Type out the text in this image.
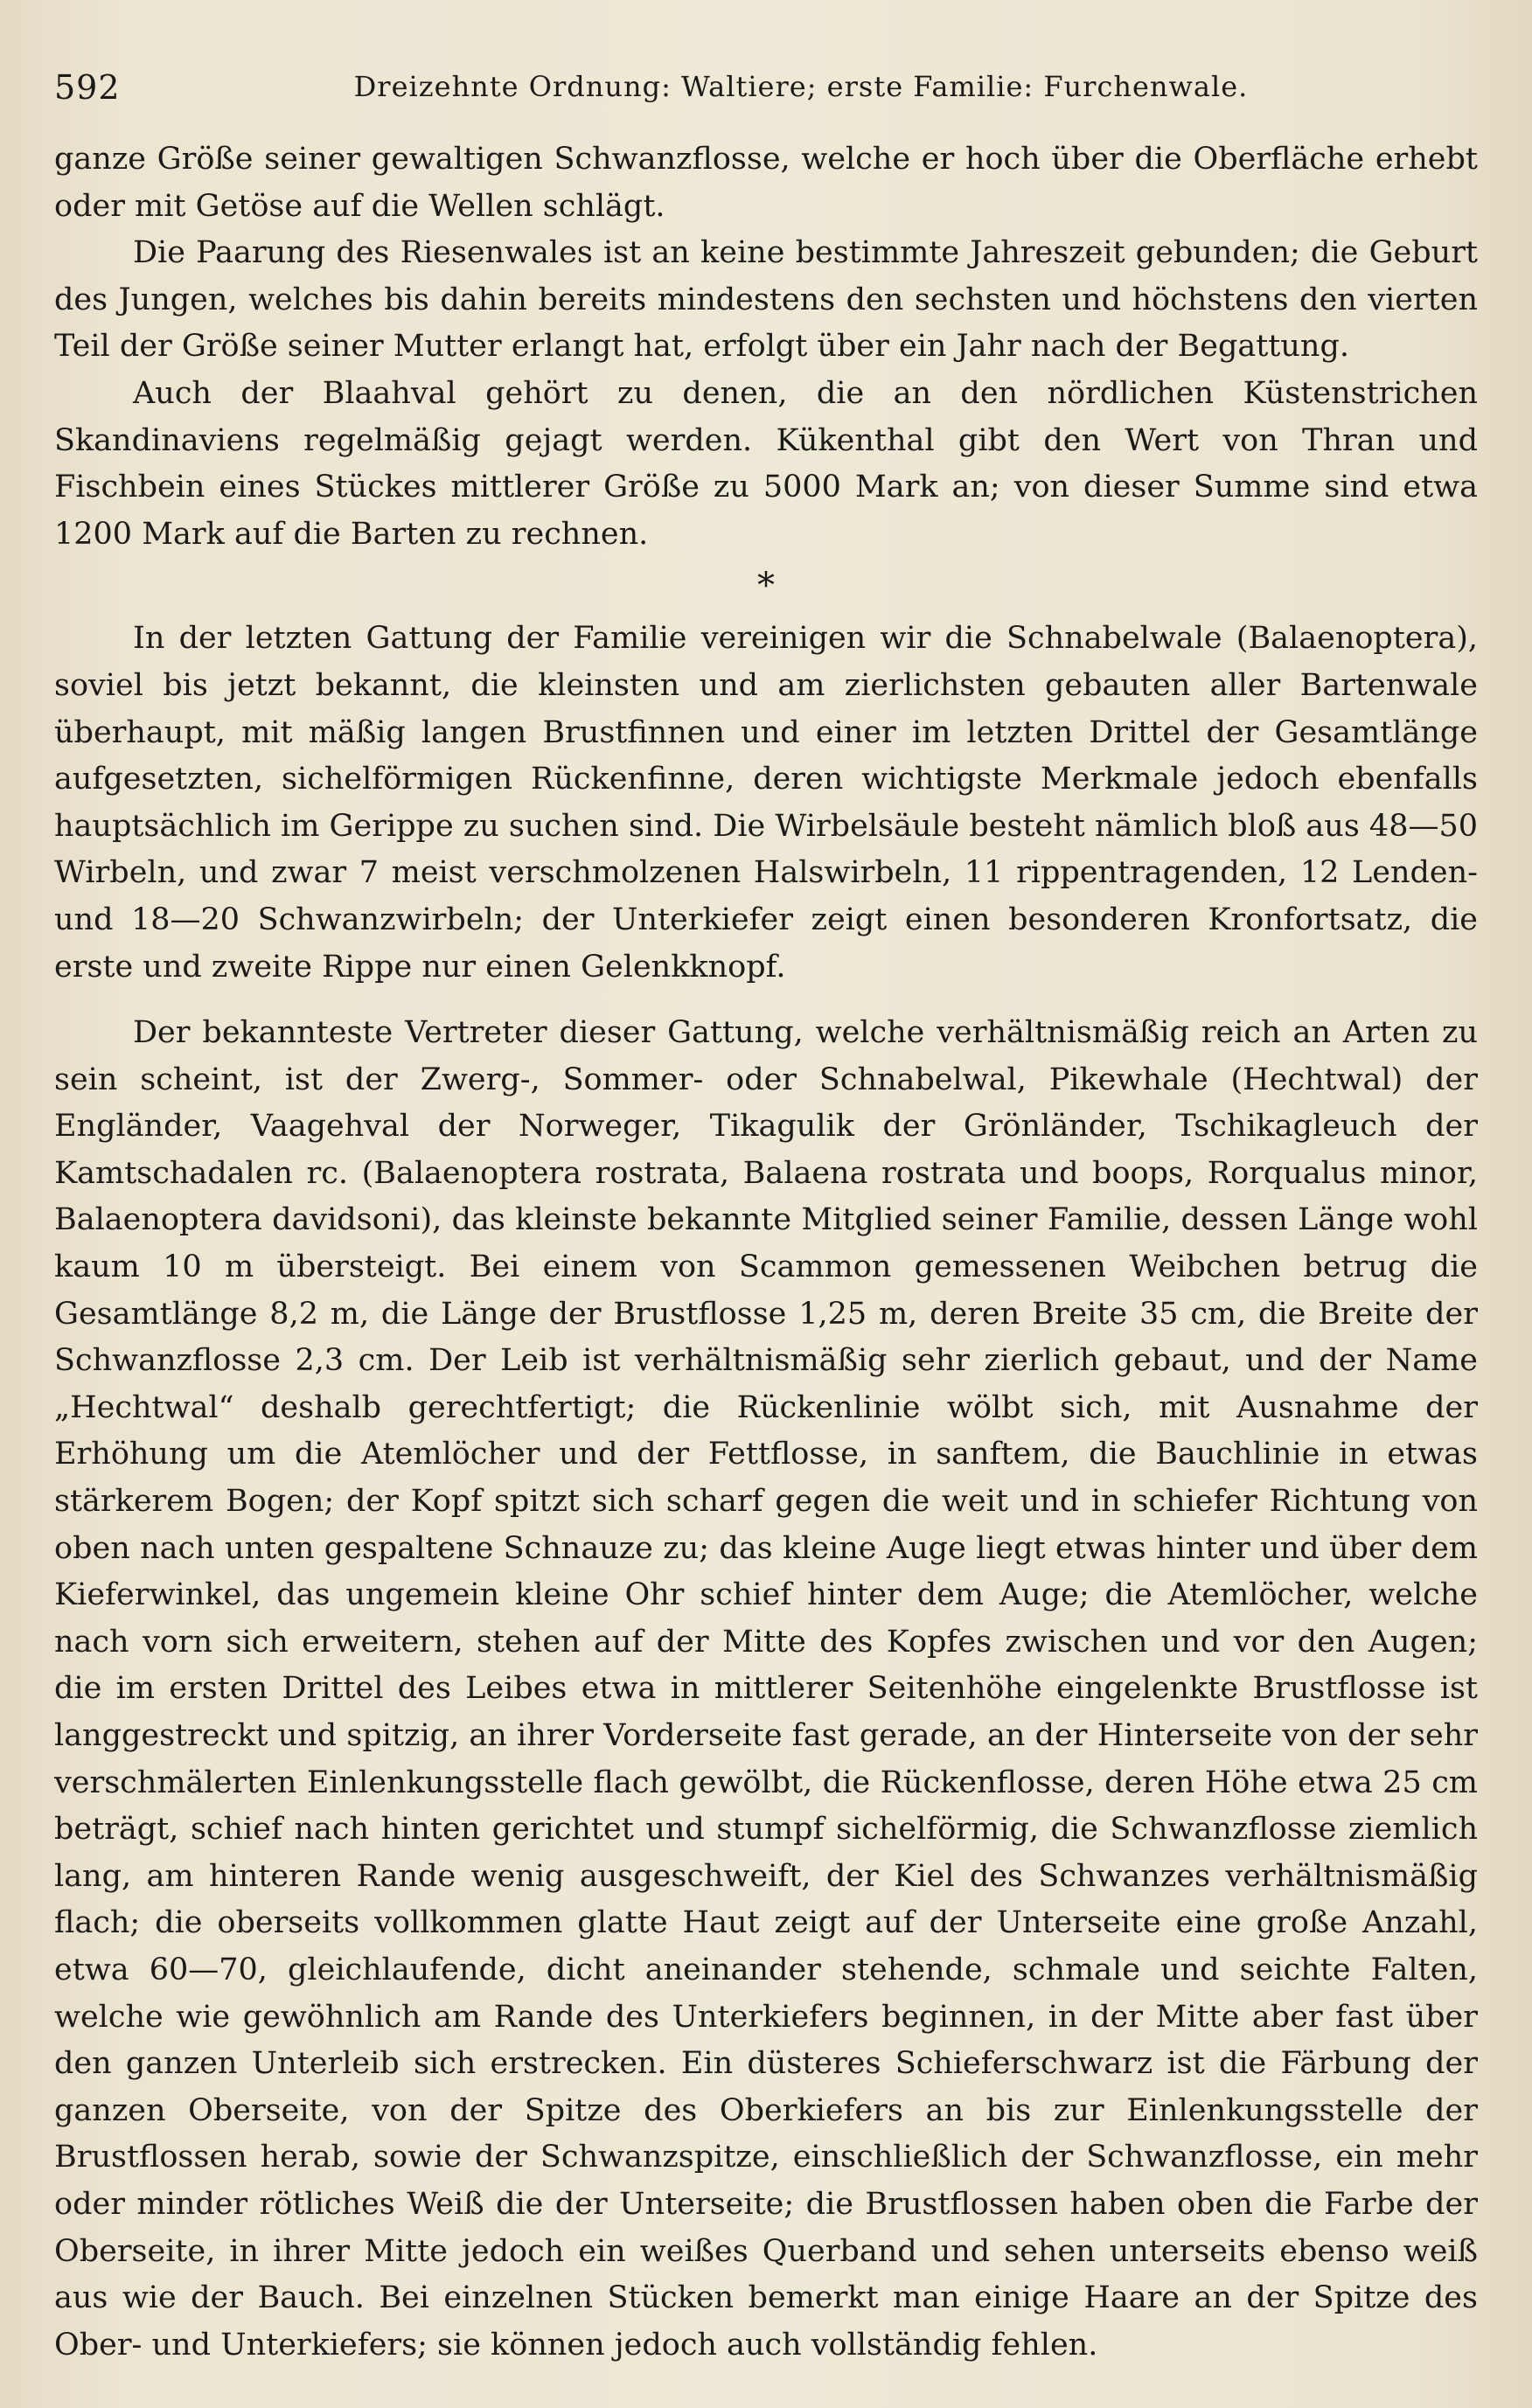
592	Dreizehnte Ordnung: Waltiere; erste Familie: Furchenwale.

ganze Größe seiner gewaltigen Schwanzflosse, welche er hoch über die Oberfläche erhebt oder mit Getöse auf die Wellen schlägt.

Die Paarung des Riesenwales ist an keine bestimmte Jahreszeit gebunden; die Geburt des Jungen, welches bis dahin bereits mindestens den sechsten und höchstens den vierten Teil der Größe seiner Mutter erlangt hat, erfolgt über ein Jahr nach der Begattung.

Auch der Blaahval gehört zu denen, die an den nördlichen Küstenstrichen Skandinaviens regelmäßig gejagt werden. Kükenthal gibt den Wert von Thran und Fischbein eines Stückes mittlerer Größe zu 5000 Mark an; von dieser Summe sind etwa 1200 Mark auf die Barten zu rechnen.

*

In der letzten Gattung der Familie vereinigen wir die Schnabelwale (Balaenoptera), soviel bis jetzt bekannt, die kleinsten und am zierlichsten gebauten aller Bartenwale überhaupt, mit mäßig langen Brustfinnen und einer im letzten Drittel der Gesamtlänge aufgesetzten, sichelförmigen Rückenfinne, deren wichtigste Merkmale jedoch ebenfalls hauptsächlich im Gerippe zu suchen sind. Die Wirbelsäule besteht nämlich bloß aus 48—50 Wirbeln, und zwar 7 meist verschmolzenen Halswirbeln, 11 rippentragenden, 12 Lenden- und 18—20 Schwanzwirbeln; der Unterkiefer zeigt einen besonderen Kronfortsatz, die erste und zweite Rippe nur einen Gelenkknopf.

Der bekannteste Vertreter dieser Gattung, welche verhältnismäßig reich an Arten zu sein scheint, ist der Zwerg-, Sommer- oder Schnabelwal, Pikewhale (Hechtwal) der Engländer, Vaagehval der Norweger, Tikagulik der Grönländer, Tschikagleuch der Kamtschadalen rc. (Balaenoptera rostrata, Balaena rostrata und boops, Rorqualus minor, Balaenoptera davidsoni), das kleinste bekannte Mitglied seiner Familie, dessen Länge wohl kaum 10 m übersteigt. Bei einem von Scammon gemessenen Weibchen betrug die Gesamtlänge 8,2 m, die Länge der Brustflosse 1,25 m, deren Breite 35 cm, die Breite der Schwanzflosse 2,3 cm. Der Leib ist verhältnismäßig sehr zierlich gebaut, und der Name „Hechtwal“ deshalb gerechtfertigt; die Rückenlinie wölbt sich, mit Ausnahme der Erhöhung um die Atemlöcher und der Fettflosse, in sanftem, die Bauchlinie in etwas stärkerem Bogen; der Kopf spitzt sich scharf gegen die weit und in schiefer Richtung von oben nach unten gespaltene Schnauze zu; das kleine Auge liegt etwas hinter und über dem Kieferwinkel, das ungemein kleine Ohr schief hinter dem Auge; die Atemlöcher, welche nach vorn sich erweitern, stehen auf der Mitte des Kopfes zwischen und vor den Augen; die im ersten Drittel des Leibes etwa in mittlerer Seitenhöhe eingelenkte Brustflosse ist langgestreckt und spitzig, an ihrer Vorderseite fast gerade, an der Hinterseite von der sehr verschmälerten Einlenkungsstelle flach gewölbt, die Rückenflosse, deren Höhe etwa 25 cm beträgt, schief nach hinten gerichtet und stumpf sichelförmig, die Schwanzflosse ziemlich lang, am hinteren Rande wenig ausgeschweift, der Kiel des Schwanzes verhältnismäßig flach; die oberseits vollkommen glatte Haut zeigt auf der Unterseite eine große Anzahl, etwa 60—70, gleichlaufende, dicht aneinander stehende, schmale und seichte Falten, welche wie gewöhnlich am Rande des Unterkiefers beginnen, in der Mitte aber fast über den ganzen Unterleib sich erstrecken. Ein düsteres Schieferschwarz ist die Färbung der ganzen Oberseite, von der Spitze des Oberkiefers an bis zur Einlenkungsstelle der Brustflossen herab, sowie der Schwanzspitze, einschließlich der Schwanzflosse, ein mehr oder minder rötliches Weiß die der Unterseite; die Brustflossen haben oben die Farbe der Oberseite, in ihrer Mitte jedoch ein weißes Querband und sehen unterseits ebenso weiß aus wie der Bauch. Bei einzelnen Stücken bemerkt man einige Haare an der Spitze des Ober- und Unterkiefers; sie können jedoch auch vollständig fehlen.
